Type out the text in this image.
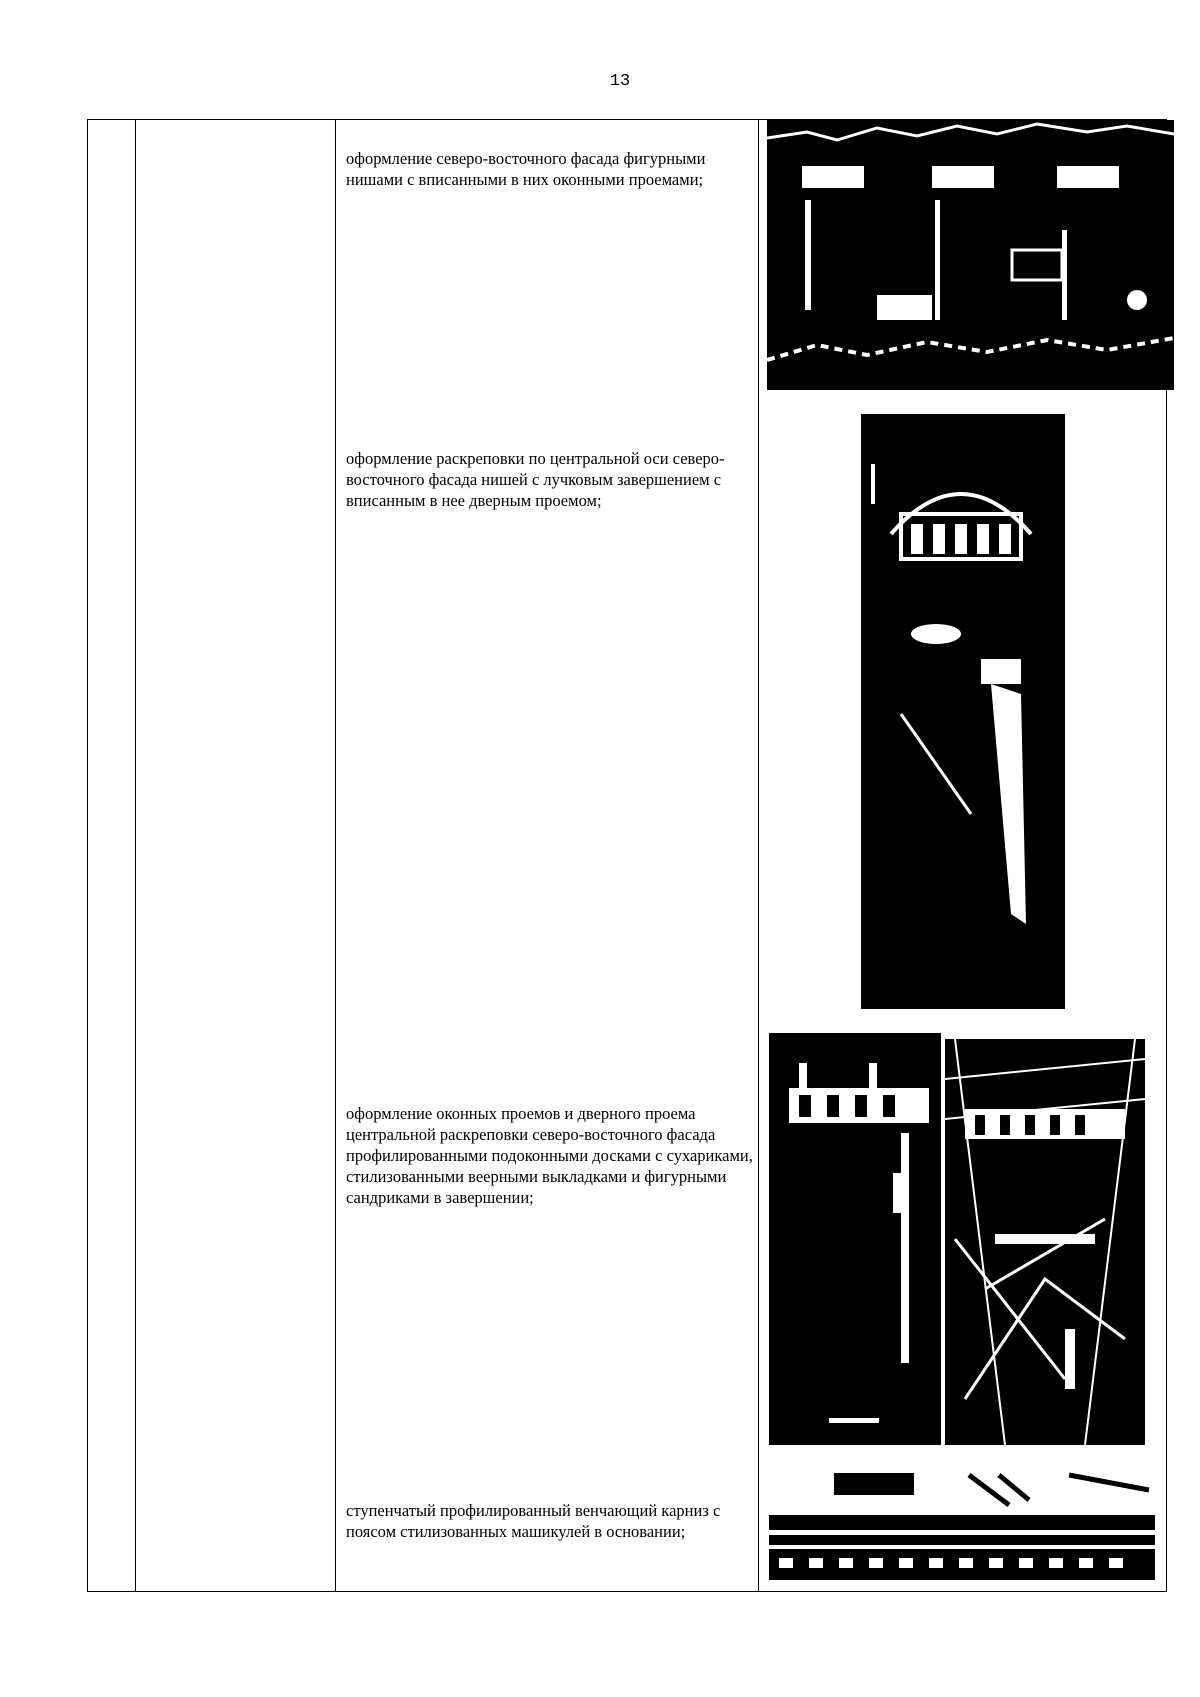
13
оформление северо-восточного фасада фигурными нишами с вписанными в них оконными проемами;
оформление раскреповки по центральной оси северо-восточного фасада нишей с лучковым завершением с вписанным в нее дверным проемом;
оформление оконных проемов и дверного проема центральной раскреповки северо-восточного фасада профилированными подоконными досками с сухариками, стилизованными веерными выкладками и фигурными сандриками в завершении;
ступенчатый профилированный венчающий карниз с поясом стилизованных машикулей в основании;
